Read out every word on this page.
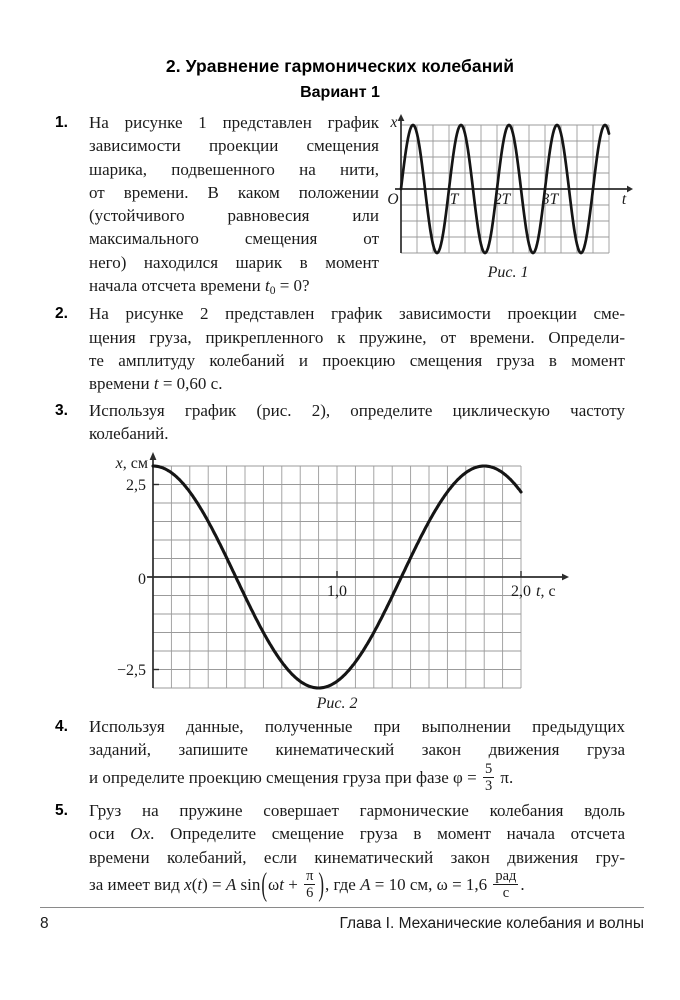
2. Уравнение гармонических колебаний
Вариант 1
1.	На рисунке 1 представлен график
зависимости проекции смещения
шарика, подвешенного на нити,
от времени. В каком положении
(устойчивого равновесия или
максимального смещения от
него) находился шарик в момент
начала отсчета времени t0 = 0?
x
O	T 2T 3T	t
Рис. 1
2.	На рисунке 2 представлен график зависимости проекции сме-
щения груза, прикрепленного к пружине, от времени. Определи-
те амплитуду колебаний и проекцию смещения груза в момент
времени t = 0,60 с.
3.	Используя график (рис. 2), определите циклическую частоту
колебаний.
x, см
2,5
0
−2,5
1,0	2,0 t, с
Рис. 2
4.	Используя данные, полученные при выполнении предыдущих
заданий, запишите кинематический закон движения груза
и определите проекцию смещения груза при фазе $\varphi = \frac{5}{3} \pi$.
5.	Груз на пружине совершает гармонические колебания вдоль
оси Ox. Определите смещение груза в момент начала отсчета
времени колебаний, если кинематический закон движения гру-
за имеет вид x(t) = A $\sin(\omega t + \frac{\pi}{6}$ ), где A = 10 см, $\omega = 1,6 \frac{\text{рад}}{с}$ .
8	Глава I. Механические колебания и волны
